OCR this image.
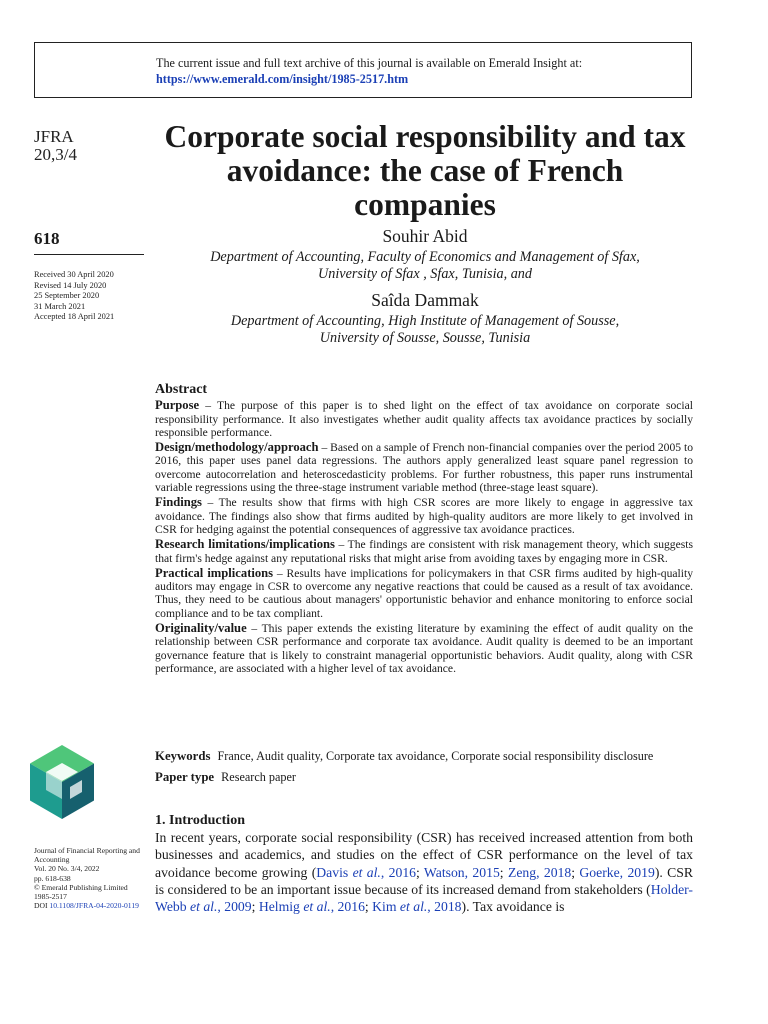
The current issue and full text archive of this journal is available on Emerald Insight at:
https://www.emerald.com/insight/1985-2517.htm
JFRA
20,3/4
618
Received 30 April 2020
Revised 14 July 2020
25 September 2020
31 March 2021
Accepted 18 April 2021
Corporate social responsibility and tax avoidance: the case of French companies
Souhir Abid
Department of Accounting, Faculty of Economics and Management of Sfax,
University of Sfax , Sfax, Tunisia, and
Saîda Dammak
Department of Accounting, High Institute of Management of Sousse,
University of Sousse, Sousse, Tunisia
Abstract
Purpose – The purpose of this paper is to shed light on the effect of tax avoidance on corporate social responsibility performance. It also investigates whether audit quality affects tax avoidance practices by socially responsible performance.
Design/methodology/approach – Based on a sample of French non-financial companies over the period 2005 to 2016, this paper uses panel data regressions. The authors apply generalized least square panel regression to overcome autocorrelation and heteroscedasticity problems. For further robustness, this paper runs instrumental variable regressions using the three-stage instrument variable method (three-stage least square).
Findings – The results show that firms with high CSR scores are more likely to engage in aggressive tax avoidance. The findings also show that firms audited by high-quality auditors are more likely to get involved in CSR for hedging against the potential consequences of aggressive tax avoidance practices.
Research limitations/implications – The findings are consistent with risk management theory, which suggests that firm's hedge against any reputational risks that might arise from avoiding taxes by engaging more in CSR.
Practical implications – Results have implications for policymakers in that CSR firms audited by high-quality auditors may engage in CSR to overcome any negative reactions that could be caused as a result of tax avoidance. Thus, they need to be cautious about managers' opportunistic behavior and enhance monitoring to enforce social compliance and to be tax compliant.
Originality/value – This paper extends the existing literature by examining the effect of audit quality on the relationship between CSR performance and corporate tax avoidance. Audit quality is deemed to be an important governance feature that is likely to constraint managerial opportunistic behaviors. Audit quality, along with CSR performance, are associated with a higher level of tax avoidance.
Keywords France, Audit quality, Corporate tax avoidance, Corporate social responsibility disclosure
Paper type Research paper
Journal of Financial Reporting and
Accounting
Vol. 20 No. 3/4, 2022
pp. 618-638
© Emerald Publishing Limited
1985-2517
DOI 10.1108/JFRA-04-2020-0119
1. Introduction
In recent years, corporate social responsibility (CSR) has received increased attention from both businesses and academics, and studies on the effect of CSR performance on the level of tax avoidance become growing (Davis et al., 2016; Watson, 2015; Zeng, 2018; Goerke, 2019). CSR is considered to be an important issue because of its increased demand from stakeholders (Holder-Webb et al., 2009; Helmig et al., 2016; Kim et al., 2018). Tax avoidance is
